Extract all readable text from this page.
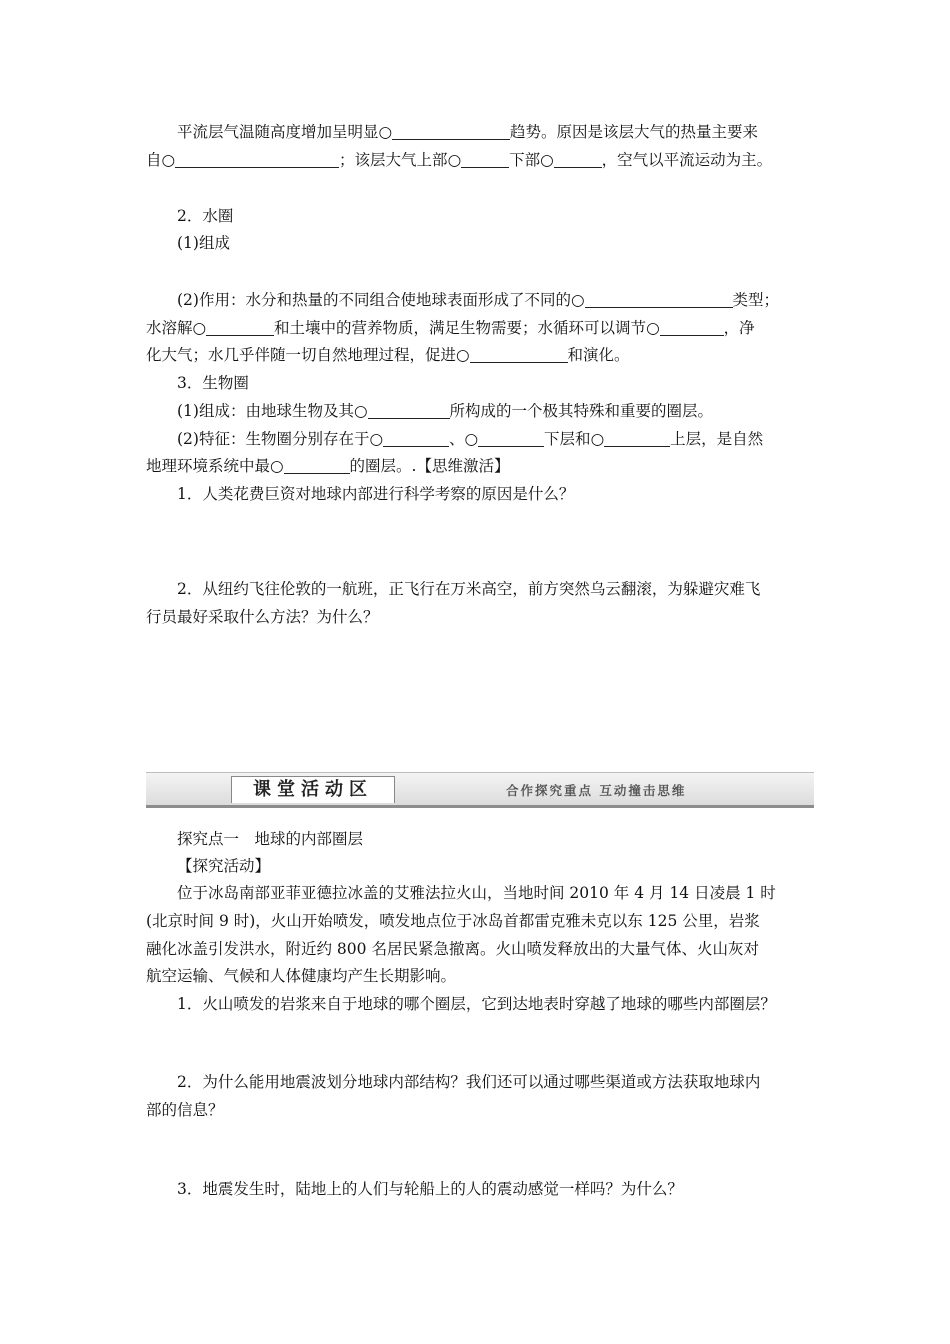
平流层气温随高度增加呈明显○	趋势。原因是该层大气的热量主要来

自○	；该层大气上部○	下部○	，空气以平流运动为主。

2．水圈

(1)组成

(2)作用：水分和热量的不同组合使地球表面形成了不同的○	类型；

水溶解○	和土壤中的营养物质，满足生物需要；水循环可以调节○	，净

化大气；水几乎伴随一切自然地理过程，促进○	和演化。

3．生物圈

(1)组成：由地球生物及其○	所构成的一个极其特殊和重要的圈层。

(2)特征：生物圈分别存在于○	、○	下层和○	上层，是自然

地理环境系统中最○	的圈层。.【思维激活】

1．人类花费巨资对地球内部进行科学考察的原因是什么？

2．从纽约飞往伦敦的一航班，正飞行在万米高空，前方突然乌云翻滚，为躲避灾难飞

行员最好采取什么方法？为什么？

课堂活动区	合作探究重点 互动撞击思维

探究点一　地球的内部圈层

【探究活动】

位于冰岛南部亚菲亚德拉冰盖的艾雅法拉火山，当地时间 2010 年 4 月 14 日凌晨 1 时

(北京时间 9 时)，火山开始喷发，喷发地点位于冰岛首都雷克雅未克以东 125 公里，岩浆

融化冰盖引发洪水，附近约 800 名居民紧急撤离。火山喷发释放出的大量气体、火山灰对

航空运输、气候和人体健康均产生长期影响。

1．火山喷发的岩浆来自于地球的哪个圈层，它到达地表时穿越了地球的哪些内部圈层？

2．为什么能用地震波划分地球内部结构？我们还可以通过哪些渠道或方法获取地球内

部的信息？

3．地震发生时，陆地上的人们与轮船上的人的震动感觉一样吗？为什么？
